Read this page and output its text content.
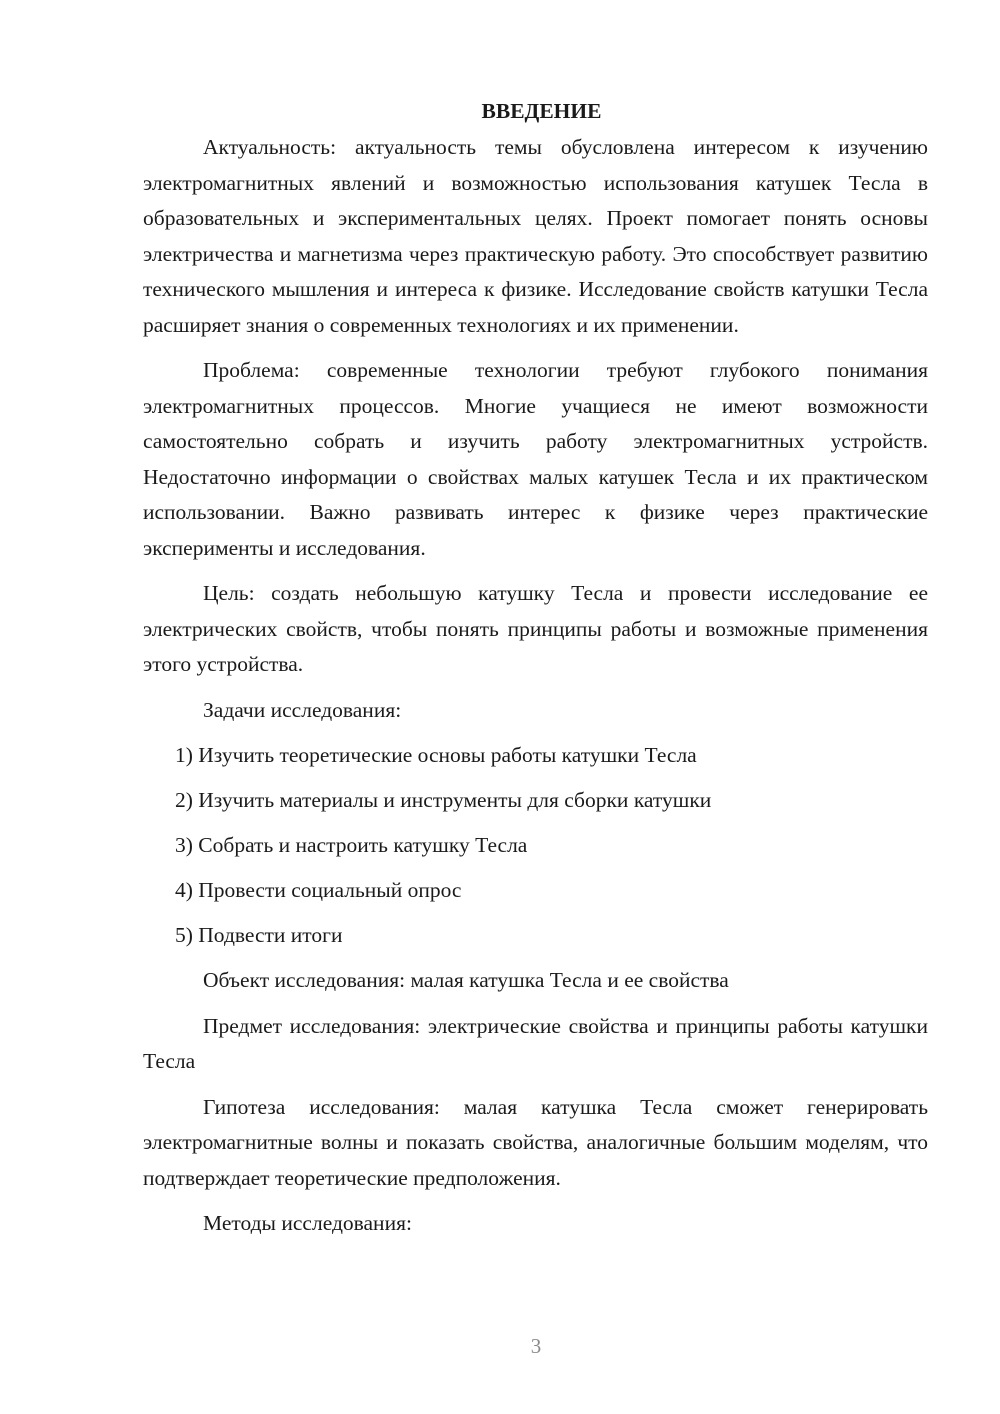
ВВЕДЕНИЕ

Актуальность: актуальность темы обусловлена интересом к изучению электромагнитных явлений и возможностью использования катушек Тесла в образовательных и экспериментальных целях. Проект помогает понять основы электричества и магнетизма через практическую работу. Это способствует развитию технического мышления и интереса к физике. Исследование свойств катушки Тесла расширяет знания о современных технологиях и их применении.

Проблема: современные технологии требуют глубокого понимания электромагнитных процессов. Многие учащиеся не имеют возможности самостоятельно собрать и изучить работу электромагнитных устройств. Недостаточно информации о свойствах малых катушек Тесла и их практическом использовании. Важно развивать интерес к физике через практические эксперименты и исследования.

Цель: создать небольшую катушку Тесла и провести исследование ее электрических свойств, чтобы понять принципы работы и возможные применения этого устройства.

Задачи исследования:

1) Изучить теоретические основы работы катушки Тесла
2) Изучить материалы и инструменты для сборки катушки
3) Собрать и настроить катушку Тесла
4) Провести социальный опрос
5) Подвести итоги

Объект исследования: малая катушка Тесла и ее свойства

Предмет исследования: электрические свойства и принципы работы катушки Тесла

Гипотеза исследования: малая катушка Тесла сможет генерировать электромагнитные волны и показать свойства, аналогичные большим моделям, что подтверждает теоретические предположения.

Методы исследования:

3
